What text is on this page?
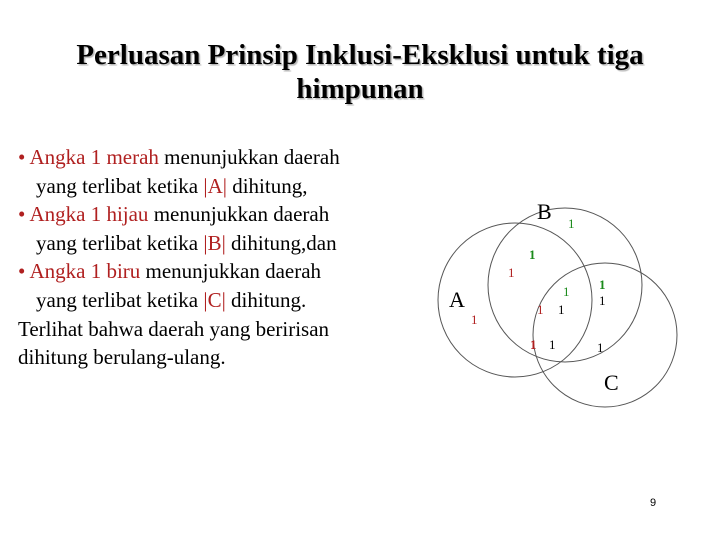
Perluasan Prinsip Inklusi-Eksklusi untuk tiga
himpunan
• Angka 1 merah menunjukkan daerah
yang terlibat ketika |A| dihitung,
• Angka 1 hijau menunjukkan daerah
yang terlibat ketika |B| dihitung,dan
• Angka 1 biru menunjukkan daerah
yang terlibat ketika |C| dihitung.
Terlihat bahwa daerah yang beririsan
dihitung berulang-ulang.
B
A
C
1
1
1
1
1 1
1
1 1
1 1	1
9
